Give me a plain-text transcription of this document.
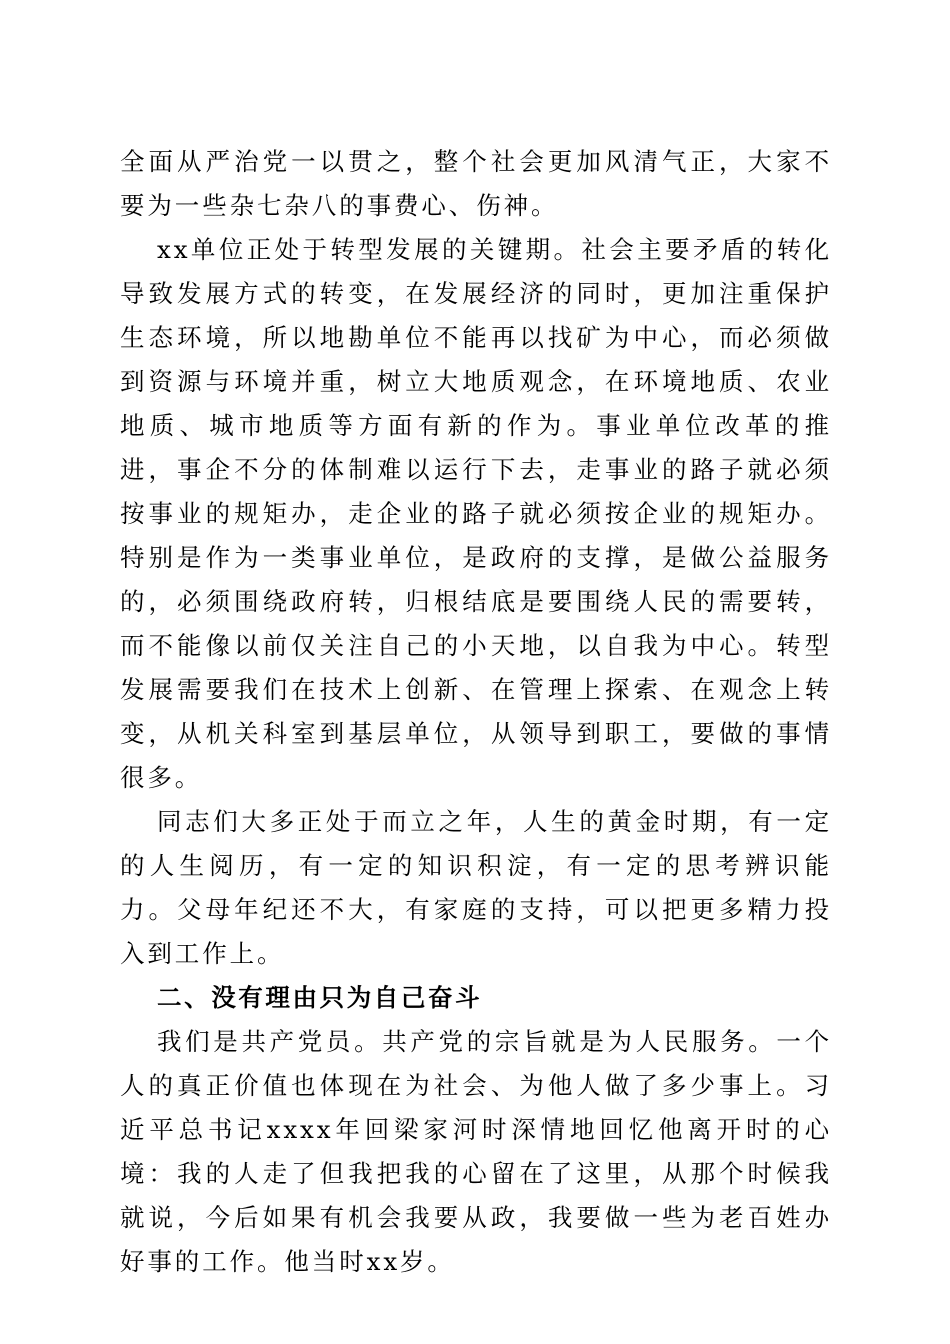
全面从严治党一以贯之，整个社会更加风清气正，大家不要为一些杂七杂八的事费心、伤神。

xx单位正处于转型发展的关键期。社会主要矛盾的转化导致发展方式的转变，在发展经济的同时，更加注重保护生态环境，所以地勘单位不能再以找矿为中心，而必须做到资源与环境并重，树立大地质观念，在环境地质、农业地质、城市地质等方面有新的作为。事业单位改革的推进，事企不分的体制难以运行下去，走事业的路子就必须按事业的规矩办，走企业的路子就必须按企业的规矩办。特别是作为一类事业单位，是政府的支撑，是做公益服务的，必须围绕政府转，归根结底是要围绕人民的需要转，而不能像以前仅关注自己的小天地，以自我为中心。转型发展需要我们在技术上创新、在管理上探索、在观念上转变，从机关科室到基层单位，从领导到职工，要做的事情很多。

同志们大多正处于而立之年，人生的黄金时期，有一定的人生阅历，有一定的知识积淀，有一定的思考辨识能力。父母年纪还不大，有家庭的支持，可以把更多精力投入到工作上。

二、没有理由只为自己奋斗

我们是共产党员。共产党的宗旨就是为人民服务。一个人的真正价值也体现在为社会、为他人做了多少事上。习近平总书记xxxx年回梁家河时深情地回忆他离开时的心境：我的人走了但我把我的心留在了这里，从那个时候我就说，今后如果有机会我要从政，我要做一些为老百姓办好事的工作。他当时xx岁。
